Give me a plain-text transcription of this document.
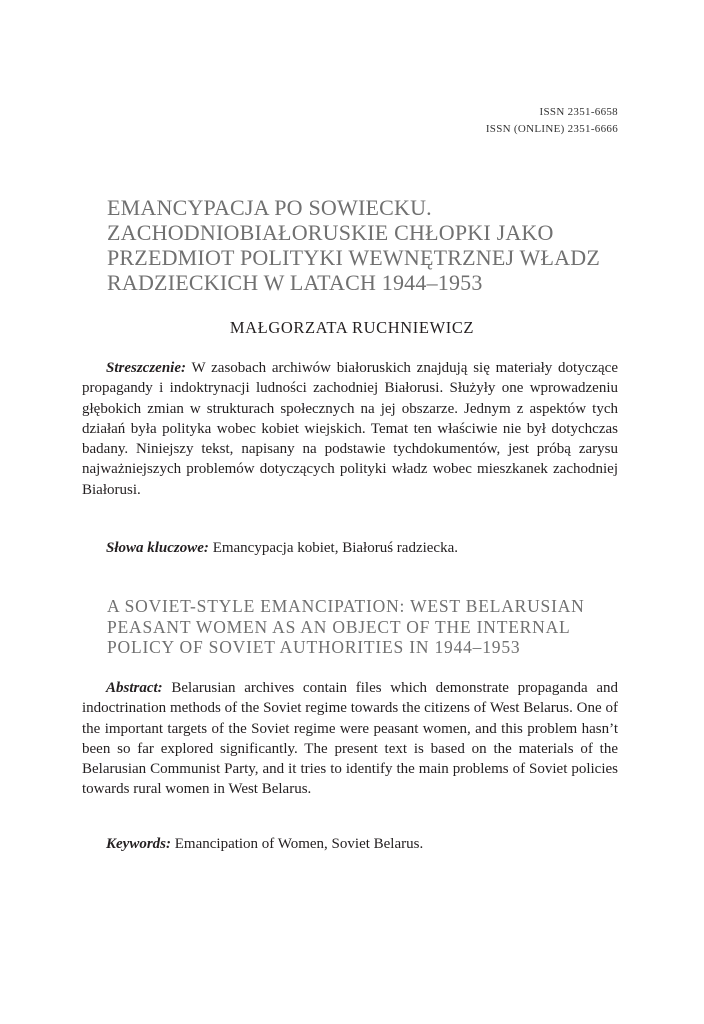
ISSN 2351-6658
ISSN (ONLINE) 2351-6666
EMANCYPACJA PO SOWIECKU.
ZACHODNIOBIAŁORUSKIE CHŁOPKI JAKO
PRZEDMIOT POLITYKI WEWNĘTRZNEJ WŁADZ
RADZIECKICH W LATACH 1944–1953
MAŁGORZATA RUCHNIEWICZ

Streszczenie: W zasobach archiwów białoruskich znajdują się materiały dotyczące propagandy i indoktrynacji ludności zachodniej Białorusi. Służyły one wprowadzeniu głębokich zmian w strukturach społecznych na jej obszarze. Jednym z aspektów tych działań była polityka wobec kobiet wiejskich. Temat ten właściwie nie był dotychczas badany. Niniejszy tekst, napisany na podstawie tychdokumentów, jest próbą zarysu najważniejszych problemów dotyczących polityki władz wobec mieszkanek zachodniej Białorusi.

Słowa kluczowe: Emancypacja kobiet, Białoruś radziecka.

A SOVIET-STYLE EMANCIPATION: WEST BELARUSIAN
PEASANT WOMEN AS AN OBJECT OF THE INTERNAL
POLICY OF SOVIET AUTHORITIES IN 1944–1953

Abstract: Belarusian archives contain files which demonstrate propaganda and indoctrination methods of the Soviet regime towards the citizens of West Belarus. One of the important targets of the Soviet regime were peasant women, and this problem hasn’t been so far explored significantly. The present text is based on the materials of the Belarusian Communist Party, and it tries to identify the main problems of Soviet policies towards rural women in West Belarus.

Keywords: Emancipation of Women, Soviet Belarus.
